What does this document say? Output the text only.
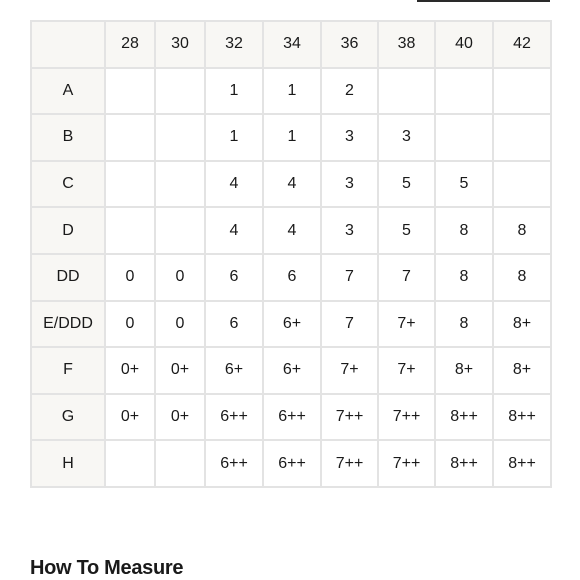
	28	30	32	34	36	38	40	42
A			1	1	2			
B			1	1	3	3		
C			4	4	3	5	5	
D			4	4	3	5	8	8
DD	0	0	6	6	7	7	8	8
E/DDD	0	0	6	6+	7	7+	8	8+
F	0+	0+	6+	6+	7+	7+	8+	8+
G	0+	0+	6++	6++	7++	7++	8++	8++
H			6++	6++	7++	7++	8++	8++
How To Measure
